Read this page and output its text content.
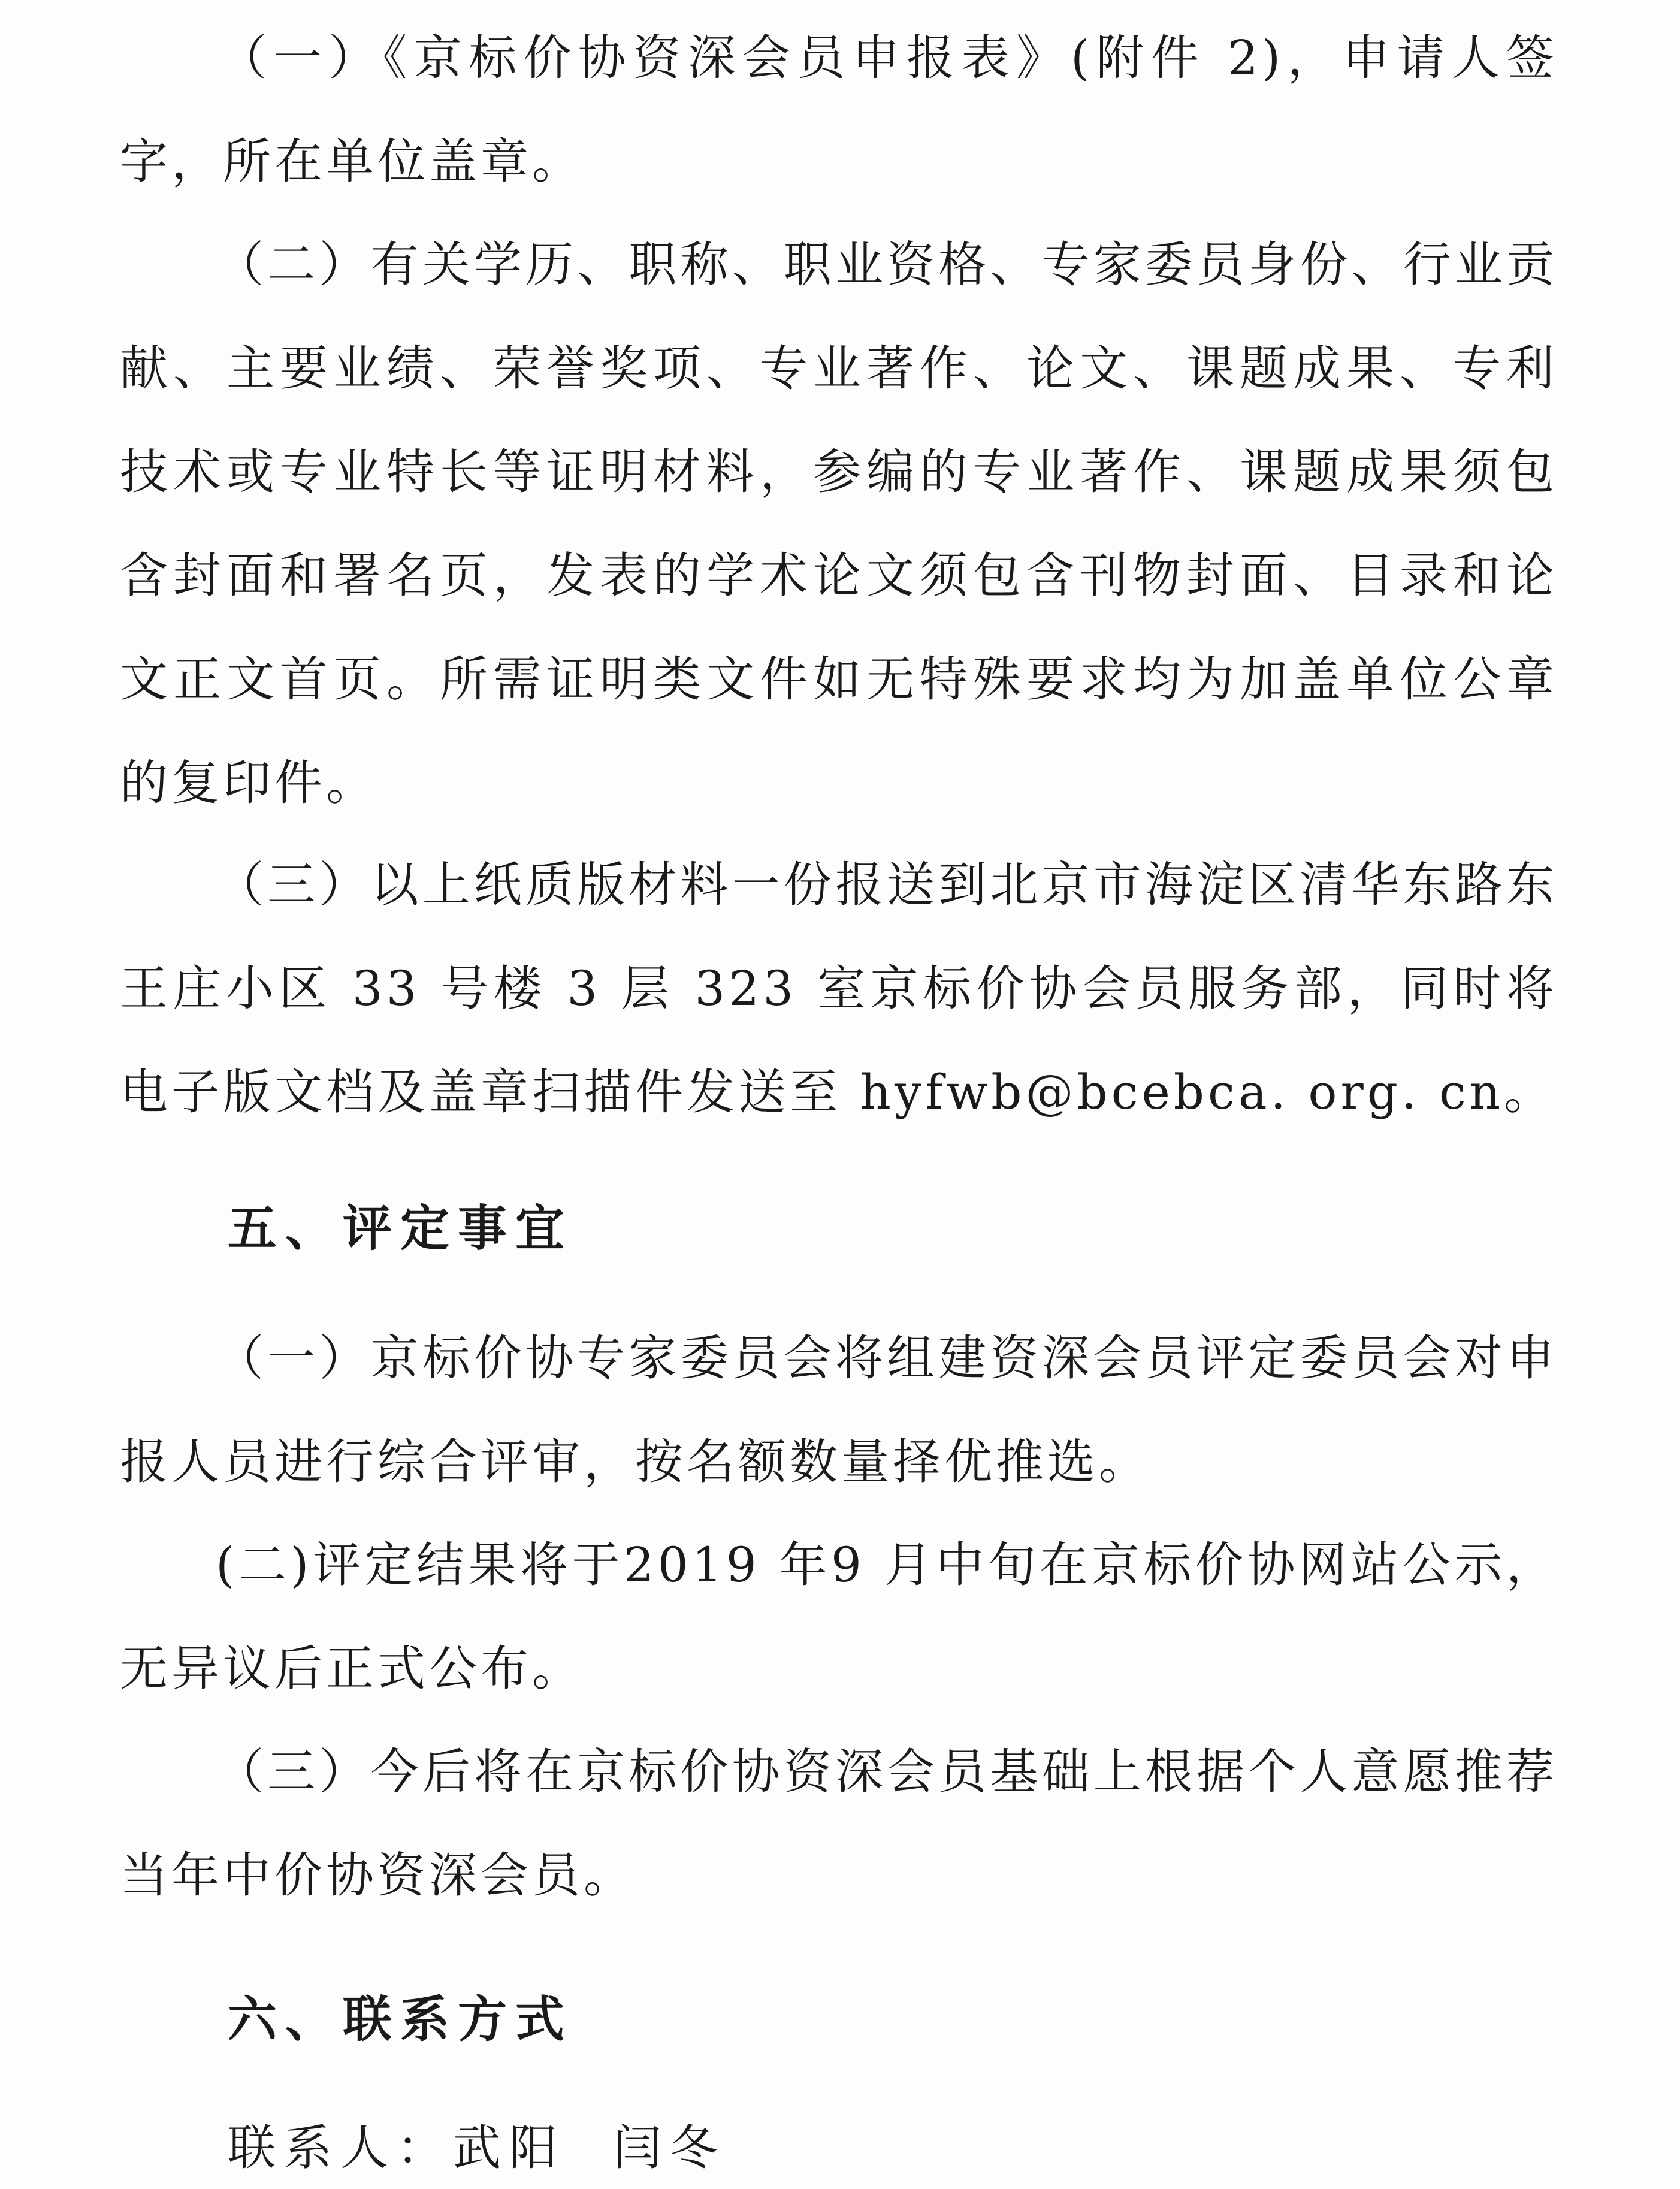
（一）《京标价协资深会员申报表》(附件 2)，申请人签字，所在单位盖章。

（二）有关学历、职称、职业资格、专家委员身份、行业贡献、主要业绩、荣誉奖项、专业著作、论文、课题成果、专利技术或专业特长等证明材料，参编的专业著作、课题成果须包含封面和署名页，发表的学术论文须包含刊物封面、目录和论文正文首页。所需证明类文件如无特殊要求均为加盖单位公章的复印件。

（三）以上纸质版材料一份报送到北京市海淀区清华东路东王庄小区 33 号楼 3 层 323 室京标价协会员服务部，同时将电子版文档及盖章扫描件发送至 hyfwb@bcebca. org. cn。

五、评定事宜

（一）京标价协专家委员会将组建资深会员评定委员会对申报人员进行综合评审，按名额数量择优推选。

(二)评定结果将于2019 年9 月中旬在京标价协网站公示，无异议后正式公布。

（三）今后将在京标价协资深会员基础上根据个人意愿推荐当年中价协资深会员。

六、联系方式

联系人：武阳 闫冬
